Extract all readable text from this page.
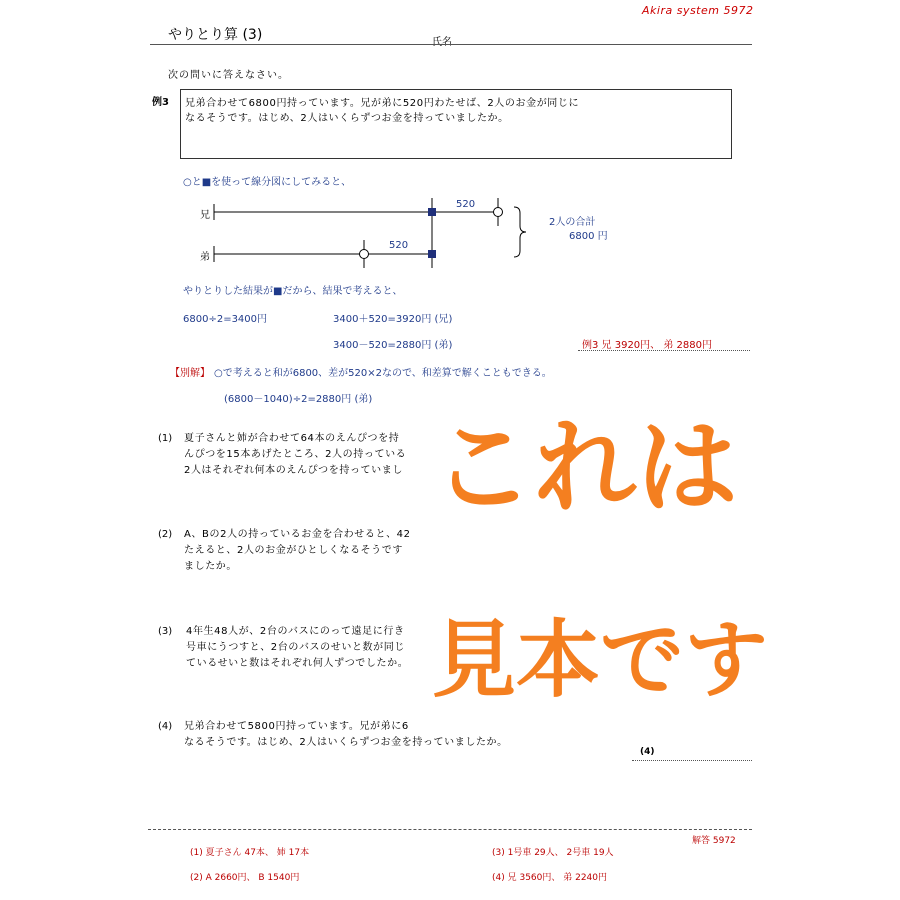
Akira system 5972
やりとり算 (3)	氏名
次の問いに答えなさい。
例3 兄弟合わせて6800円持っています。兄が弟に520円わたせば、2人のお金が同じに
なるそうです。はじめ、2人はいくらずつお金を持っていましたか。
○と■を使って線分図にしてみると、
兄
弟
520
520
2人の合計
6800 円
やりとりした結果が■だから、結果で考えると、
6800÷2=3400円	3400＋520=3920円 (兄)
3400－520=2880円 (弟)	例3 兄 3920円、 弟 2880円
【別解】 ○で考えると和が6800、差が520×2なので、和差算で解くこともできる。
(6800－1040)÷2=2880円 (弟)
(1) 夏子さんと姉が合わせて64本のえんぴつを持
んぴつを15本あげたところ、2人の持っている
2人はそれぞれ何本のえんぴつを持っていまし
(2) A、Bの2人の持っているお金を合わせると、42
たえると、2人のお金がひとしくなるそうです
ましたか。
(3) 4年生48人が、2台のバスにのって遠足に行き
号車にうつすと、2台のバスのせいと数が同じ
ているせいと数はそれぞれ何人ずつでしたか。
(4) 兄弟合わせて5800円持っています。兄が弟に6
なるそうです。はじめ、2人はいくらずつお金を持っていましたか。
(4)
これは
見本です
解答 5972
(1) 夏子さん 47本、 姉 17本	(3) 1号車 29人、 2号車 19人
(2) A 2660円、 B 1540円	(4) 兄 3560円、 弟 2240円
